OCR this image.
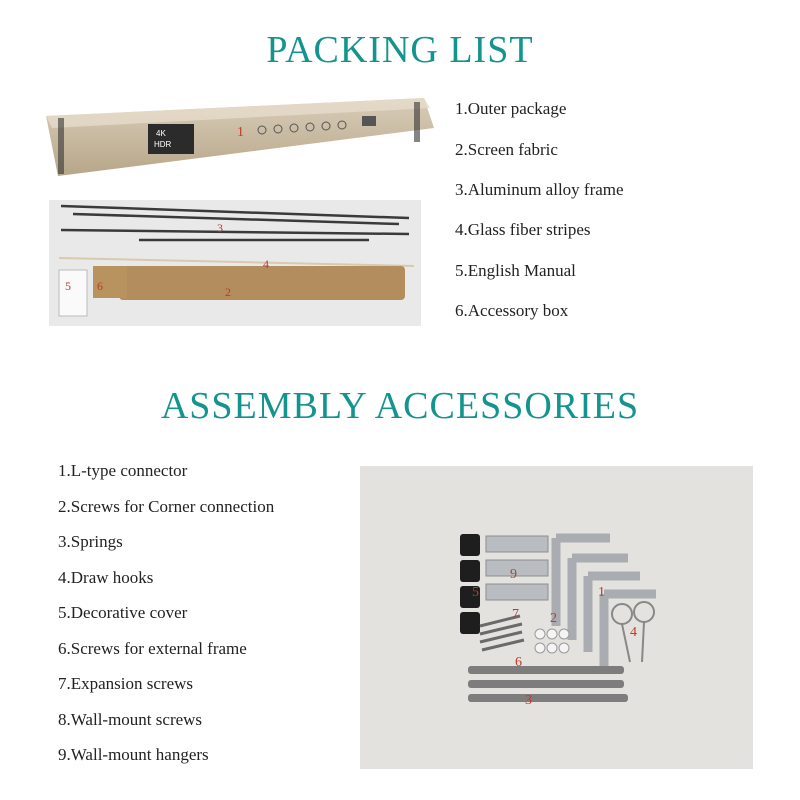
PACKING LIST
4K
HDR
1
3
4
5 6	2
1.Outer package
2.Screen fabric
3.Aluminum alloy frame
4.Glass fiber stripes
5.English Manual
6.Accessory box
ASSEMBLY ACCESSORIES
1.L-type connector
2.Screws for Corner connection
3.Springs
4.Draw hooks
5.Decorative cover
6.Screws for external frame
7.Expansion screws
8.Wall-mount screws
9.Wall-mount hangers
9
1
5
7
4
2
6
3
